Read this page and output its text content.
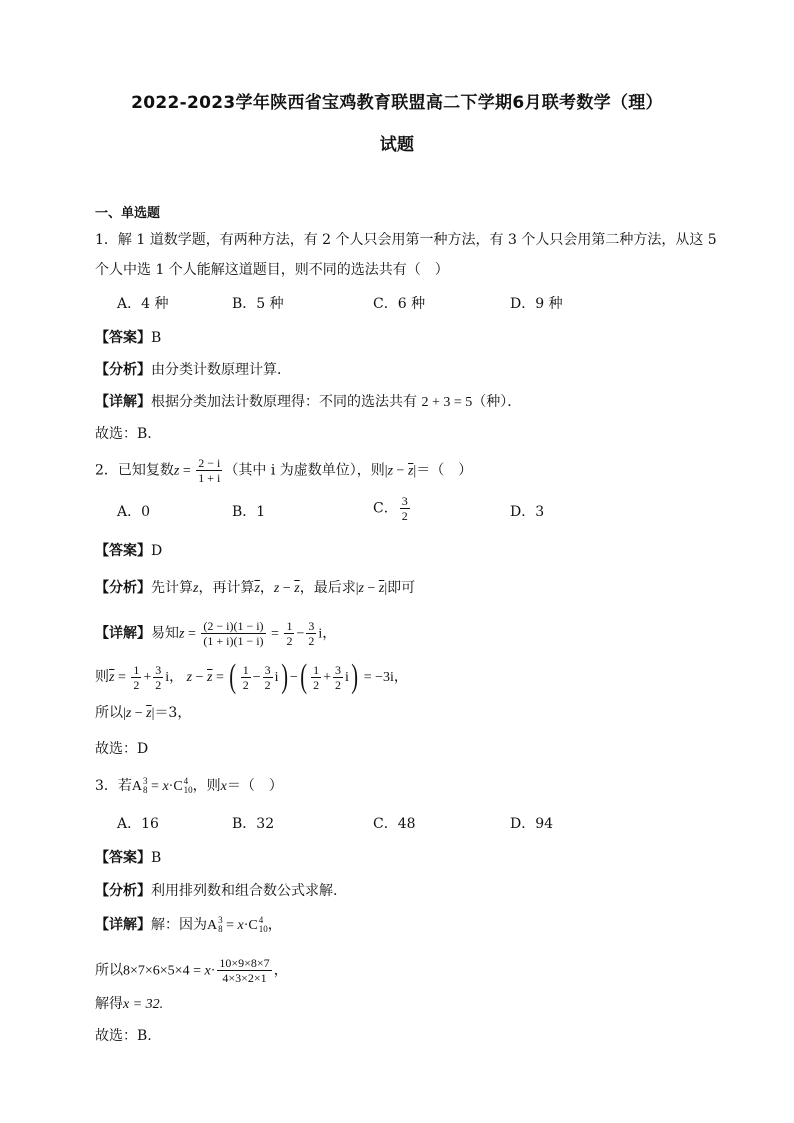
2022-2023学年陕西省宝鸡教育联盟高二下学期6月联考数学（理）
试题
一、单选题
1．解 1 道数学题，有两种方法，有 2 个人只会用第一种方法，有 3 个人只会用第二种方法，从这 5
个人中选 1 个人能解这道题目，则不同的选法共有（　）
A．4 种	B．5 种	C．6 种	D．9 种
【答案】B
【分析】由分类计数原理计算．
【详解】根据分类加法计数原理得：不同的选法共有 2 + 3 = 5（种）．
故选：B.
2．已知复数$z = \frac{2 - i}{1 + i}$ （其中 i 为虚数单位），则$|z - \overline{z}|=$（　）
A．0	B．1	C． $\frac{3}{2}$	D．3
【答案】D
【分析】先计算z，再计算$\overline{z}$，$z - \overline{z}$，最后求$|z - \overline{z}|$即可
【详解】易知$z = \frac{(2 - i)(1 - i)}{(1 + i)(1 - i)} = \frac{1}{2} - \frac{3}{2}$ i，
则$\overline{z} = \frac{1}{2} + \frac{3}{2}$ i， $z - \overline{z}$ = ( $\frac{1}{2} - \frac{3}{2} i$) −( $\frac{1}{2} + \frac{3}{2} i) = -3i$，
所以$|z - \overline{z}|=3$，
故选：D
3．若A 3
8 = x·C 4
10 ，则x＝（　）
A．16	B．32	C．48	D．94
【答案】B
【分析】利用排列数和组合数公式求解.
【详解】解：因为A 3
8 = x·C 4
10 ，
所以$8\times 7\times 6\times 5\times 4 = x\cdot \frac{10\times 9\times 8\times 7}{4\times 3\times 2\times 1}$ ，
解得x = 32.
故选：B.
